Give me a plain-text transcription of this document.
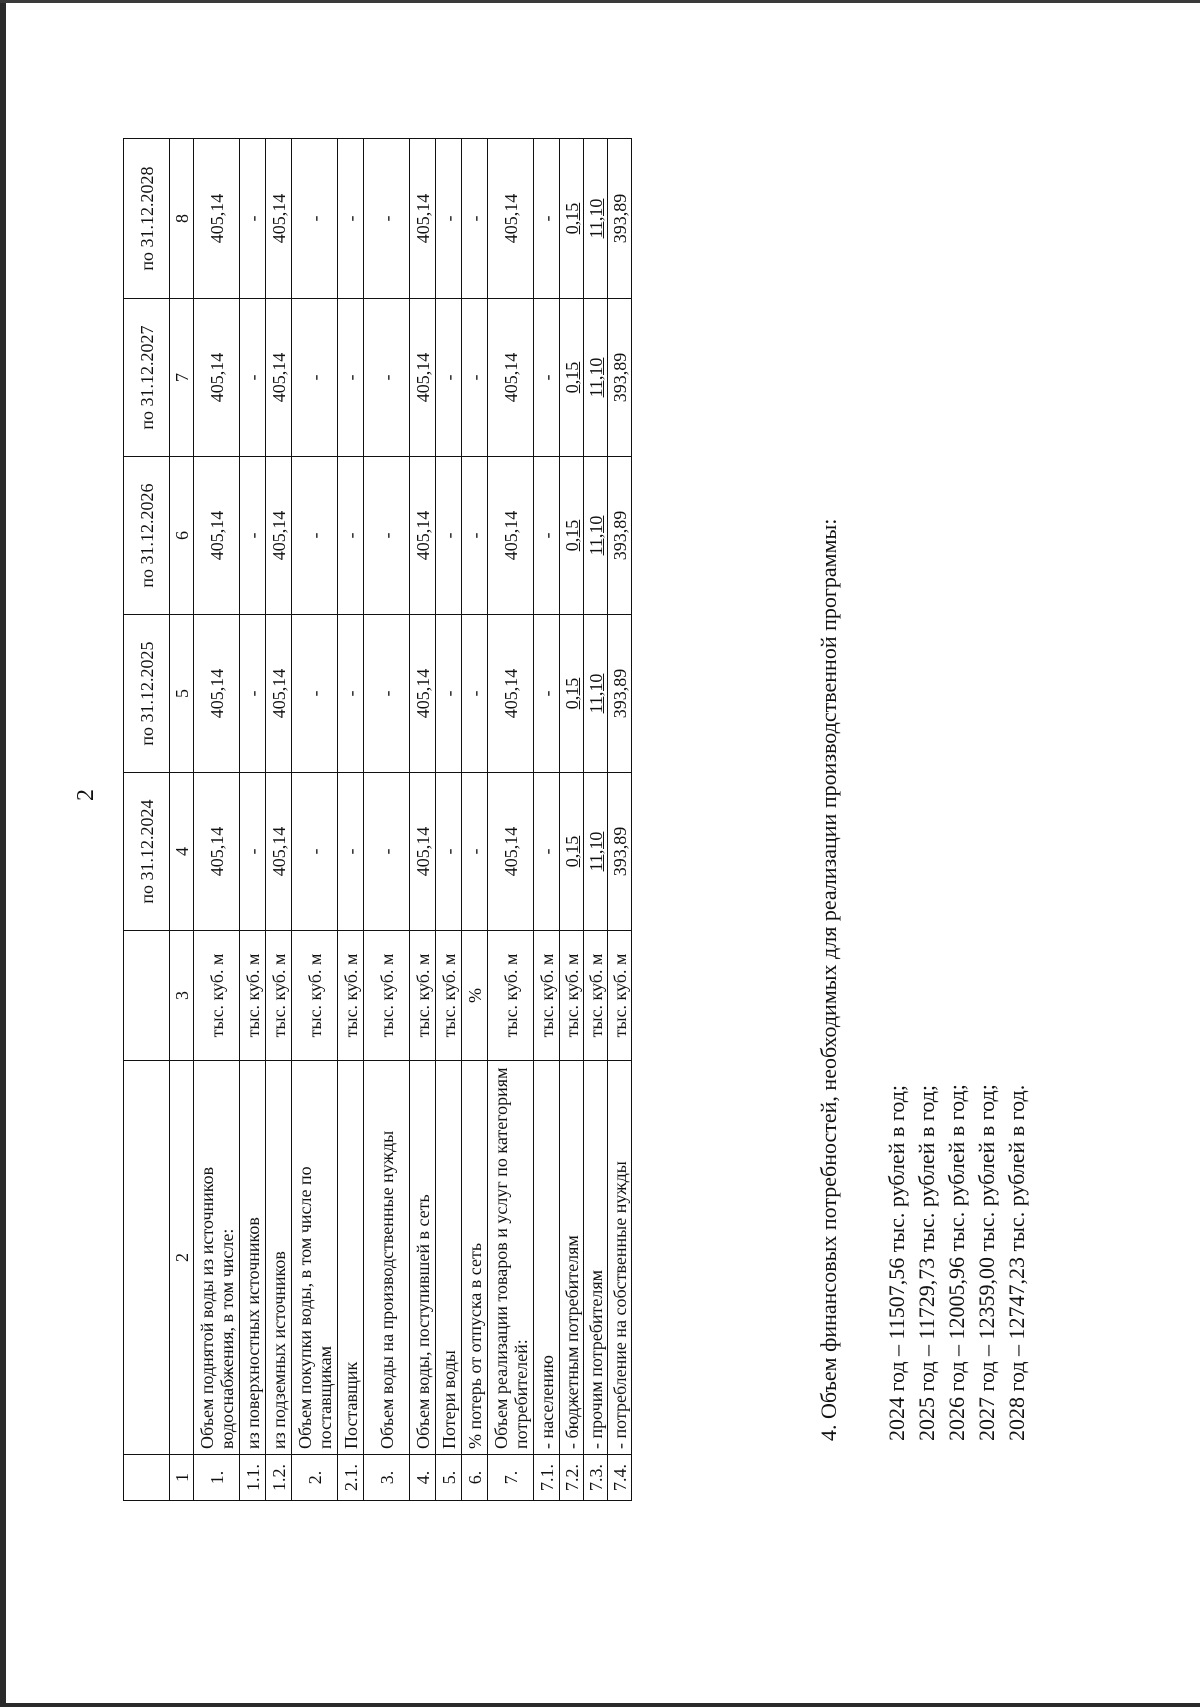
2
			по 31.12.2024	по 31.12.2025	по 31.12.2026	по 31.12.2027	по 31.12.2028
1	2	3	4	5	6	7	8
1.	Объем поднятой воды из источников водоснабжения, в том числе:	тыс. куб. м	405,14	405,14	405,14	405,14	405,14
1.1.	из поверхностных источников	тыс. куб. м	-	-	-	-	-
1.2.	из подземных источников	тыс. куб. м	405,14	405,14	405,14	405,14	405,14
2.	Объем покупки воды, в том числе по поставщикам	тыс. куб. м	-	-	-	-	-
2.1.	Поставщик	тыс. куб. м	-	-	-	-	-
3.	Объем воды на производственные нужды	тыс. куб. м	-	-	-	-	-
4.	Объем воды, поступившей в сеть	тыс. куб. м	405,14	405,14	405,14	405,14	405,14
5.	Потери воды	тыс. куб. м	-	-	-	-	-
6.	% потерь от отпуска в сеть	%	-	-	-	-	-
7.	Объем реализации товаров и услуг по категориям потребителей:	тыс. куб. м	405,14	405,14	405,14	405,14	405,14
7.1.	- населению	тыс. куб. м	-	-	-	-	-
7.2.	- бюджетным потребителям	тыс. куб. м	0,15	0,15	0,15	0,15	0,15
7.3.	- прочим потребителям	тыс. куб. м	11,10	11,10	11,10	11,10	11,10
7.4.	- потребление на собственные нужды	тыс. куб. м	393,89	393,89	393,89	393,89	393,89
4. Объем финансовых потребностей, необходимых для реализации производственной программы: 2024 год – 11507,56 тыс. рублей в год; 2025 год – 11729,73 тыс. рублей в год; 2026 год – 12005,96 тыс. рублей в год; 2027 год – 12359,00 тыс. рублей в год; 2028 год – 12747,23 тыс. рублей в год.
